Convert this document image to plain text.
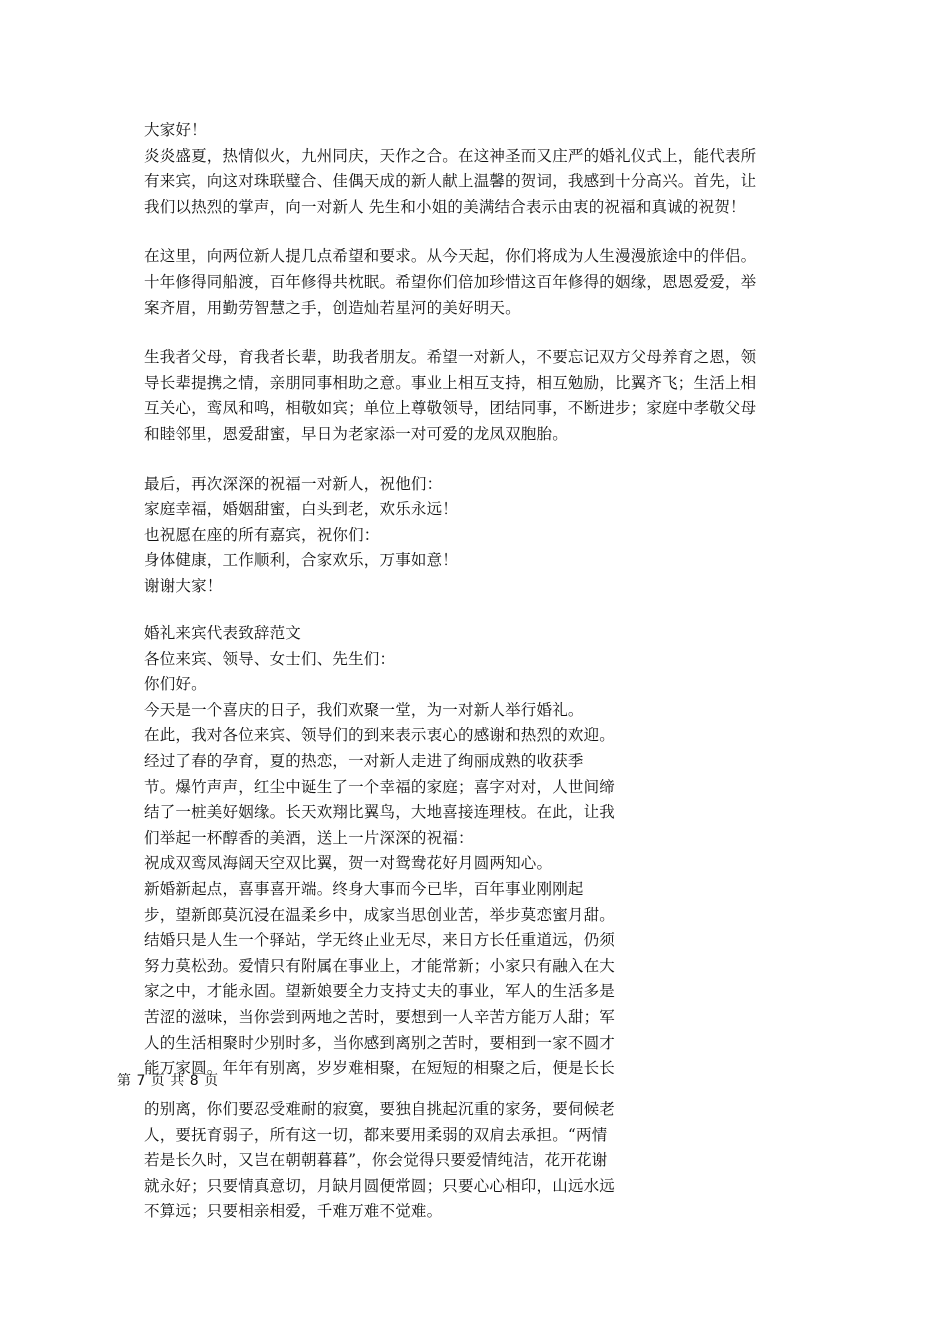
大家好！

炎炎盛夏，热情似火，九州同庆，天作之合。在这神圣而又庄严的婚礼仪式上，能代表所

有来宾，向这对珠联璧合、佳偶天成的新人献上温馨的贺词，我感到十分高兴。首先，让

我们以热烈的掌声，向一对新人 先生和小姐的美满结合表示由衷的祝福和真诚的祝贺！

在这里，向两位新人提几点希望和要求。从今天起，你们将成为人生漫漫旅途中的伴侣。

十年修得同船渡，百年修得共枕眠。希望你们倍加珍惜这百年修得的姻缘，恩恩爱爱，举

案齐眉，用勤劳智慧之手，创造灿若星河的美好明天。

生我者父母，育我者长辈，助我者朋友。希望一对新人，不要忘记双方父母养育之恩，领

导长辈提携之情，亲朋同事相助之意。事业上相互支持，相互勉励，比翼齐飞；生活上相

互关心，鸾凤和鸣，相敬如宾；单位上尊敬领导，团结同事，不断进步；家庭中孝敬父母

和睦邻里，恩爱甜蜜，早日为老家添一对可爱的龙凤双胞胎。

最后，再次深深的祝福一对新人，祝他们：

家庭幸福，婚姻甜蜜，白头到老，欢乐永远！

也祝愿在座的所有嘉宾，祝你们：

身体健康，工作顺利，合家欢乐，万事如意！

谢谢大家！

婚礼来宾代表致辞范文

各位来宾、领导、女士们、先生们：

你们好。

今天是一个喜庆的日子，我们欢聚一堂，为一对新人举行婚礼。

在此，我对各位来宾、领导们的到来表示衷心的感谢和热烈的欢迎。

经过了春的孕育，夏的热恋，一对新人走进了绚丽成熟的收获季

节。爆竹声声，红尘中诞生了一个幸福的家庭；喜字对对，人世间缔

结了一桩美好姻缘。长天欢翔比翼鸟，大地喜接连理枝。在此，让我

们举起一杯醇香的美酒，送上一片深深的祝福：

祝成双鸾凤海阔天空双比翼，贺一对鸳鸯花好月圆两知心。

新婚新起点，喜事喜开端。终身大事而今已毕，百年事业刚刚起

步，望新郎莫沉浸在温柔乡中，成家当思创业苦，举步莫恋蜜月甜。

结婚只是人生一个驿站，学无终止业无尽，来日方长任重道远，仍须

努力莫松劲。爱情只有附属在事业上，才能常新；小家只有融入在大

家之中，才能永固。望新娘要全力支持丈夫的事业，军人的生活多是

苦涩的滋味，当你尝到两地之苦时，要想到一人辛苦方能万人甜；军

人的生活相聚时少别时多，当你感到离别之苦时，要相到一家不圆才

能万家圆。年年有别离，岁岁难相聚，在短短的相聚之后，便是长长

第 7 页 共 8 页

的别离，你们要忍受难耐的寂寞，要独自挑起沉重的家务，要伺候老

人，要抚育弱子，所有这一切，都来要用柔弱的双肩去承担。“两情

若是长久时，又岂在朝朝暮暮”，你会觉得只要爱情纯洁，花开花谢

就永好；只要情真意切，月缺月圆便常圆；只要心心相印，山远水远

不算远；只要相亲相爱，千难万难不觉难。
